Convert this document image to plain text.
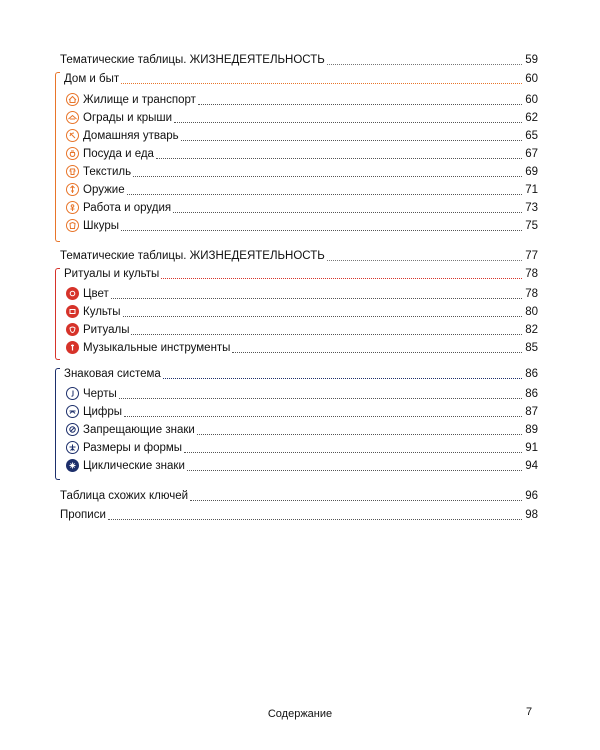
Тематические таблицы. ЖИЗНЕДЕЯТЕЛЬНОСТЬ	59
Дом и быт	60
Жилище и транспорт	60
Ограды и крыши	62
Домашняя утварь	65
Посуда и еда	67
Текстиль	69
Оружие	71
Работа и орудия	73
Шкуры	75
Тематические таблицы. ЖИЗНЕДЕЯТЕЛЬНОСТЬ	77
Ритуалы и культы	78
Цвет	78
Культы	80
Ритуалы	82
Музыкальные инструменты	85
Знаковая система	86
Черты	86
Цифры	87
Запрещающие знаки	89
Размеры и формы	91
Циклические знаки	94
Таблица схожих ключей	96
Прописи	98
Содержание	7
